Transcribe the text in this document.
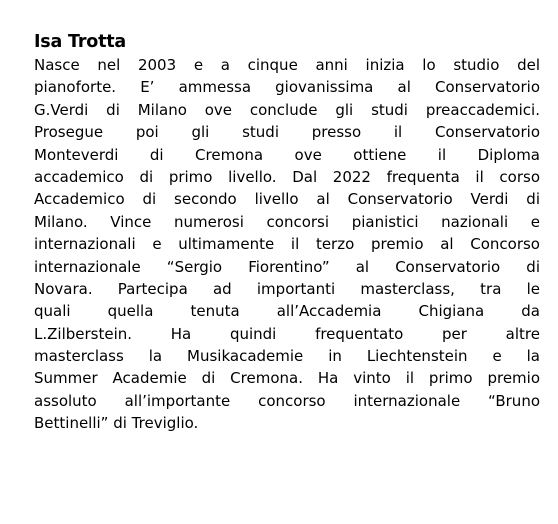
Isa Trotta
Nasce nel 2003 e a cinque anni inizia lo studio del
pianoforte. E’ ammessa giovanissima al Conservatorio
G.Verdi di Milano ove conclude gli studi preaccademici.
Prosegue poi gli studi presso il Conservatorio
Monteverdi di Cremona ove ottiene il Diploma
accademico di primo livello. Dal 2022 frequenta il corso
Accademico di secondo livello al Conservatorio Verdi di
Milano. Vince numerosi concorsi pianistici nazionali e
internazionali e ultimamente il terzo premio al Concorso
internazionale “Sergio Fiorentino” al Conservatorio di
Novara. Partecipa ad importanti masterclass, tra le
quali quella tenuta all’Accademia Chigiana da
L.Zilberstein. Ha quindi frequentato per altre
masterclass la Musikacademie in Liechtenstein e la
Summer Academie di Cremona. Ha vinto il primo premio
assoluto all’importante concorso internazionale “Bruno
Bettinelli” di Treviglio.
